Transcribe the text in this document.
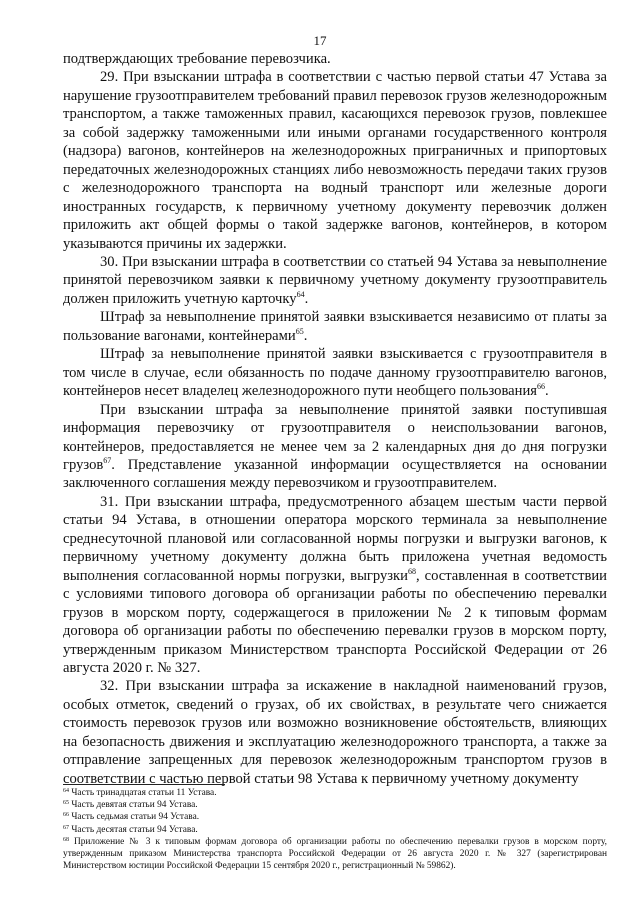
17

подтверждающих требование перевозчика.

29. При взыскании штрафа в соответствии с частью первой статьи 47 Устава за нарушение грузоотправителем требований правил перевозок грузов железнодорожным транспортом, а также таможенных правил, касающихся перевозок грузов, повлекшее за собой задержку таможенными или иными органами государственного контроля (надзора) вагонов, контейнеров на железнодорожных приграничных и припортовых передаточных железнодорожных станциях либо невозможность передачи таких грузов с железнодорожного транспорта на водный транспорт или железные дороги иностранных государств, к первичному учетному документу перевозчик должен приложить акт общей формы о такой задержке вагонов, контейнеров, в котором указываются причины их задержки.

30. При взыскании штрафа в соответствии со статьей 94 Устава за невыполнение принятой перевозчиком заявки к первичному учетному документу грузоотправитель должен приложить учетную карточку$^{64}$.

Штраф за невыполнение принятой заявки взыскивается независимо от платы за пользование вагонами, контейнерами$^{65}$.

Штраф за невыполнение принятой заявки взыскивается с грузоотправителя в том числе в случае, если обязанность по подаче данному грузоотправителю вагонов, контейнеров несет владелец железнодорожного пути необщего пользования$^{66}$.

При взыскании штрафа за невыполнение принятой заявки поступившая информация перевозчику от грузоотправителя о неиспользовании вагонов, контейнеров, предоставляется не менее чем за 2 календарных дня до дня погрузки грузов$^{67}$. Представление указанной информации осуществляется на основании заключенного соглашения между перевозчиком и грузоотправителем.

31. При взыскании штрафа, предусмотренного абзацем шестым части первой статьи 94 Устава, в отношении оператора морского терминала за невыполнение среднесуточной плановой или согласованной нормы погрузки и выгрузки вагонов, к первичному учетному документу должна быть приложена учетная ведомость выполнения согласованной нормы погрузки, выгрузки$^{68}$, составленная в соответствии с условиями типового договора об организации работы по обеспечению перевалки грузов в морском порту, содержащегося в приложении № 2 к типовым формам договора об организации работы по обеспечению перевалки грузов в морском порту, утвержденным приказом Министерством транспорта Российской Федерации от 26 августа 2020 г. № 327.

32. При взыскании штрафа за искажение в накладной наименований грузов, особых отметок, сведений о грузах, об их свойствах, в результате чего снижается стоимость перевозок грузов или возможно возникновение обстоятельств, влияющих на безопасность движения и эксплуатацию железнодорожного транспорта, а также за отправление запрещенных для перевозок железнодорожным транспортом грузов в соответствии с частью первой статьи 98 Устава к первичному учетному документу

$^{64}$ Часть тринадцатая статьи 11 Устава.

$^{65}$ Часть девятая статьи 94 Устава.

$^{66}$ Часть седьмая статьи 94 Устава.

$^{67}$ Часть десятая статьи 94 Устава.

$^{68}$ Приложение № 3 к типовым формам договора об организации работы по обеспечению перевалки грузов в морском порту, утвержденным приказом Министерства транспорта Российской Федерации от 26 августа 2020 г. № 327 (зарегистрирован Министерством юстиции Российской Федерации 15 сентября 2020 г., регистрационный № 59862).
